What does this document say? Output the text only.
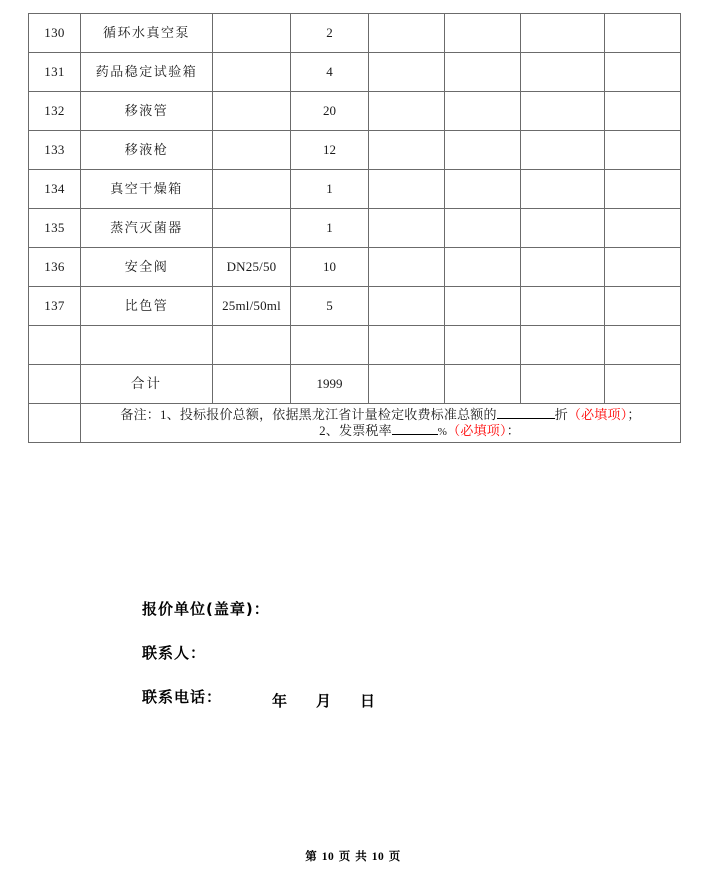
130	循环水真空泵		2				
131	药品稳定试验箱		4				
132	移液管		20				
133	移液枪		12				
134	真空干燥箱		1				
135	蒸汽灭菌器		1				
136	安全阀	DN25/50	10				
137	比色管	25ml/50ml	5				

	合计		1999				

	备注：1、投标报价总额，依据黑龙江省计量检定收费标准总额的 折（必填项）；
2、发票税率 %（必填项）：						
报价单位(盖章)：
联系人：
联系电话：	年 月 日
第 10 页 共 10 页
